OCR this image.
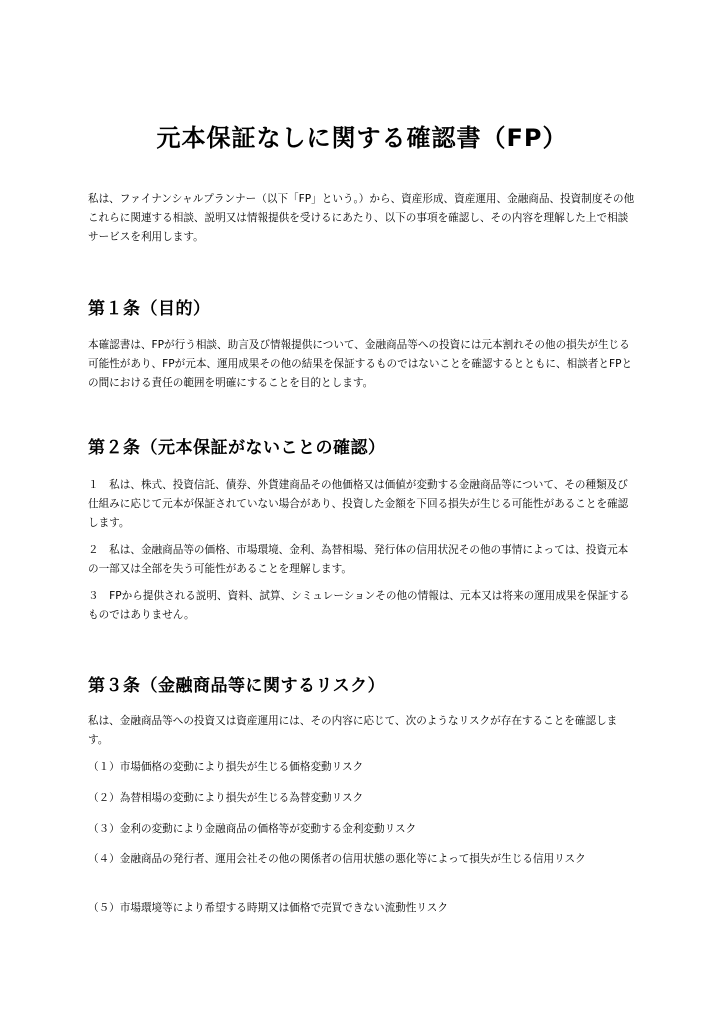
元本保証なしに関する確認書（FP）

私は、ファイナンシャルプランナー（以下「FP」という。）から、資産形成、資産運用、金融商品、投資制度その他これらに関連する相談、説明又は情報提供を受けるにあたり、以下の事項を確認し、その内容を理解した上で相談サービスを利用します。

第１条（目的）

本確認書は、FPが行う相談、助言及び情報提供について、金融商品等への投資には元本割れその他の損失が生じる可能性があり、FPが元本、運用成果その他の結果を保証するものではないことを確認するとともに、相談者とFPとの間における責任の範囲を明確にすることを目的とします。

第２条（元本保証がないことの確認）

１　私は、株式、投資信託、債券、外貨建商品その他価格又は価値が変動する金融商品等について、その種類及び仕組みに応じて元本が保証されていない場合があり、投資した金額を下回る損失が生じる可能性があることを確認します。

２　私は、金融商品等の価格、市場環境、金利、為替相場、発行体の信用状況その他の事情によっては、投資元本の一部又は全部を失う可能性があることを理解します。

３　FPから提供される説明、資料、試算、シミュレーションその他の情報は、元本又は将来の運用成果を保証するものではありません。

第３条（金融商品等に関するリスク）

私は、金融商品等への投資又は資産運用には、その内容に応じて、次のようなリスクが存在することを確認します。

（１）市場価格の変動により損失が生じる価格変動リスク

（２）為替相場の変動により損失が生じる為替変動リスク

（３）金利の変動により金融商品の価格等が変動する金利変動リスク

（４）金融商品の発行者、運用会社その他の関係者の信用状態の悪化等によって損失が生じる信用リスク

（５）市場環境等により希望する時期又は価格で売買できない流動性リスク
